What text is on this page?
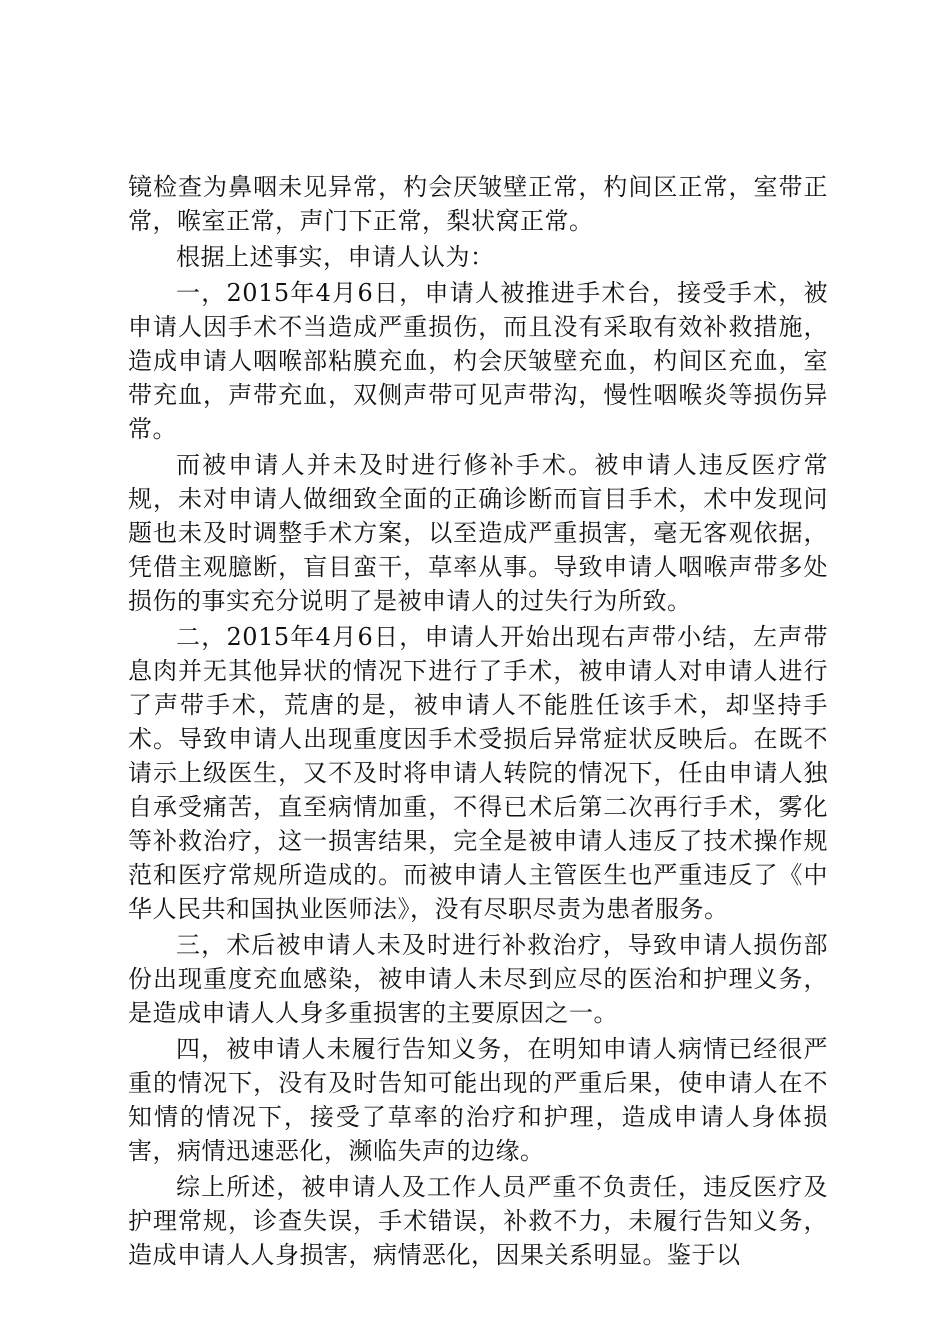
镜检查为鼻咽未见异常，杓会厌皱壁正常，杓间区正常，室带正常，喉室正常，声门下正常，梨状窝正常。

根据上述事实，申请人认为：

一，2015年4月6日，申请人被推进手术台，接受手术，被申请人因手术不当造成严重损伤，而且没有采取有效补救措施，造成申请人咽喉部粘膜充血，杓会厌皱壁充血，杓间区充血，室带充血，声带充血，双侧声带可见声带沟，慢性咽喉炎等损伤异常。

而被申请人并未及时进行修补手术。被申请人违反医疗常规，未对申请人做细致全面的正确诊断而盲目手术，术中发现问题也未及时调整手术方案，以至造成严重损害，毫无客观依据，凭借主观臆断，盲目蛮干，草率从事。导致申请人咽喉声带多处损伤的事实充分说明了是被申请人的过失行为所致。

二，2015年4月6日，申请人开始出现右声带小结，左声带息肉并无其他异状的情况下进行了手术，被申请人对申请人进行了声带手术，荒唐的是，被申请人不能胜任该手术，却坚持手术。导致申请人出现重度因手术受损后异常症状反映后。在既不请示上级医生，又不及时将申请人转院的情况下，任由申请人独自承受痛苦，直至病情加重，不得已术后第二次再行手术，雾化等补救治疗，这一损害结果，完全是被申请人违反了技术操作规范和医疗常规所造成的。而被申请人主管医生也严重违反了《中华人民共和国执业医师法》，没有尽职尽责为患者服务。

三，术后被申请人未及时进行补救治疗，导致申请人损伤部份出现重度充血感染，被申请人未尽到应尽的医治和护理义务，是造成申请人人身多重损害的主要原因之一。

四，被申请人未履行告知义务，在明知申请人病情已经很严重的情况下，没有及时告知可能出现的严重后果，使申请人在不知情的情况下，接受了草率的治疗和护理，造成申请人身体损害，病情迅速恶化，濒临失声的边缘。

综上所述，被申请人及工作人员严重不负责任，违反医疗及护理常规，诊查失误，手术错误，补救不力，未履行告知义务，造成申请人人身损害，病情恶化，因果关系明显。鉴于以
